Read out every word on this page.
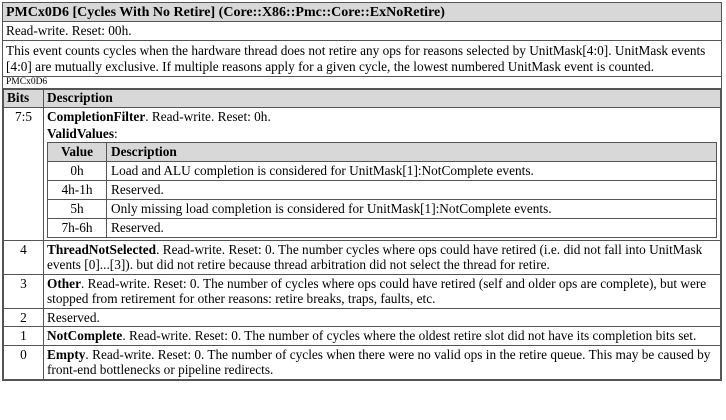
PMCx0D6 [Cycles With No Retire] (Core::X86::Pmc::Core::ExNoRetire)
Read-write. Reset: 00h.
This event counts cycles when the hardware thread does not retire any ops for reasons selected by UnitMask[4:0]. UnitMask events [4:0] are mutually exclusive. If multiple reasons apply for a given cycle, the lowest numbered UnitMask event is counted.
PMCx0D6
Bits	Description
7:5	CompletionFilter. Read-write. Reset: 0h.
ValidValues:
Value	Description
0h	Load and ALU completion is considered for UnitMask[1]:NotComplete events.
4h-1h	Reserved.
5h	Only missing load completion is considered for UnitMask[1]:NotComplete events.
7h-6h	Reserved.

4	ThreadNotSelected. Read-write. Reset: 0. The number cycles where ops could have retired (i.e. did not fall into UnitMask events [0]...[3]). but did not retire because thread arbitration did not select the thread for retire.
3	Other. Read-write. Reset: 0. The number of cycles where ops could have retired (self and older ops are complete), but were stopped from retirement for other reasons: retire breaks, traps, faults, etc.
2	Reserved.
1	NotComplete. Read-write. Reset: 0. The number of cycles where the oldest retire slot did not have its completion bits set.
0	Empty. Read-write. Reset: 0. The number of cycles when there were no valid ops in the retire queue. This may be caused by front-end bottlenecks or pipeline redirects.
